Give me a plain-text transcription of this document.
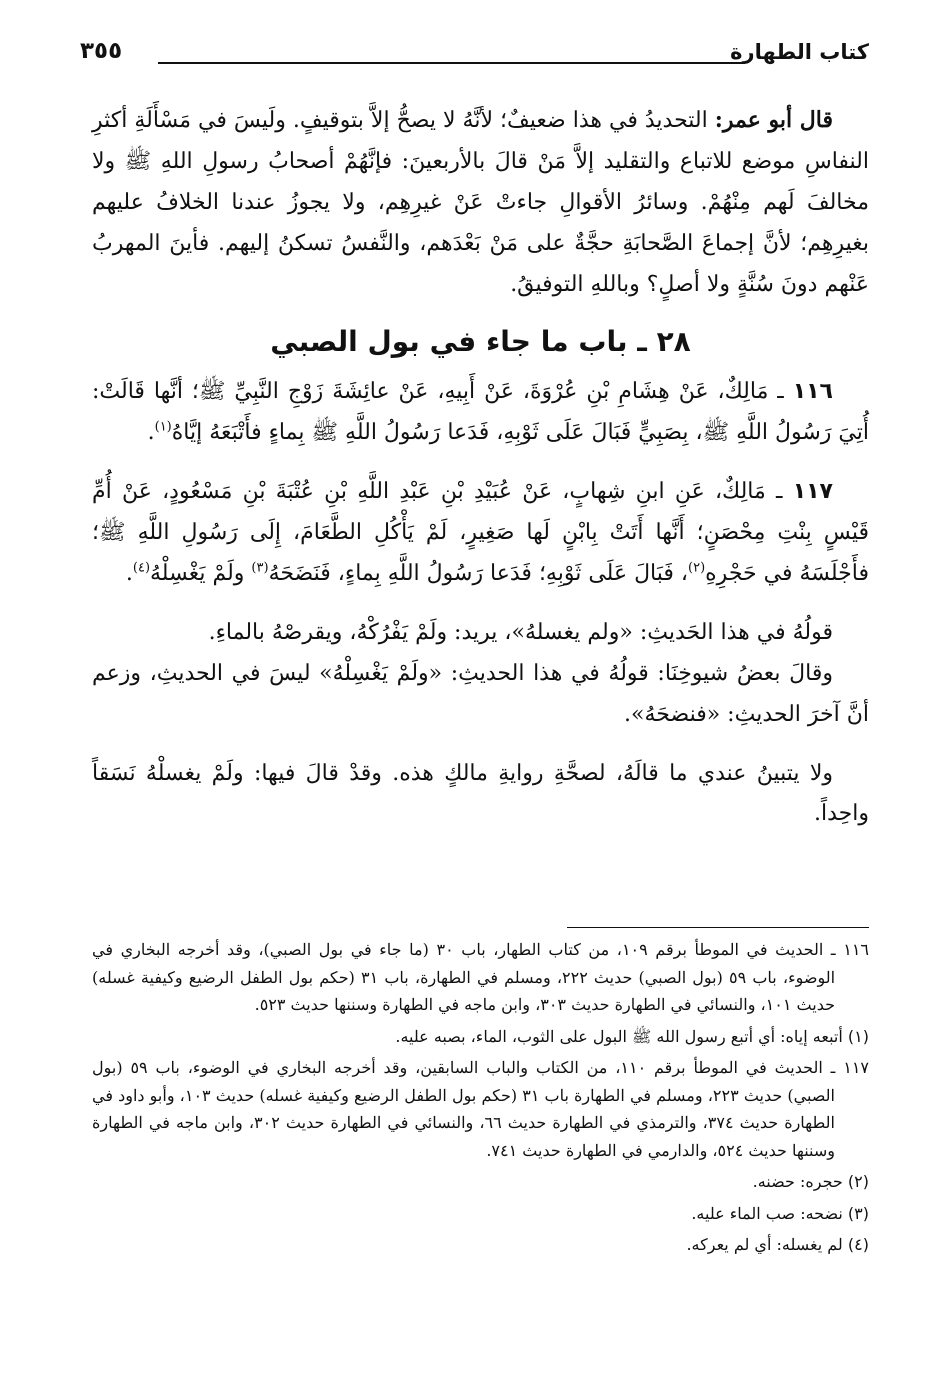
كتاب الطهارة
٣٥٥

قال أبو عمر: التحديدُ في هذا ضعيفٌ؛ لأنَّهُ لا يصحُّ إلاَّ بتوقيفٍ. ولَيسَ في مَسْأَلَةِ أكثرِ النفاسِ موضع للاتباع والتقليد إلاَّ مَنْ قالَ بالأربعينَ: فإنَّهُمْ أصحابُ رسولِ اللهِ ﷺ ولا مخالفَ لَهم مِنْهُمْ. وسائرُ الأقوالِ جاءتْ عَنْ غيرِهِم، ولا يجوزُ عندنا الخلافُ عليهم بغيرِهِم؛ لأنَّ إجماعَ الصَّحابَةِ حجَّةٌ على مَنْ بَعْدَهم، والنَّفسُ تسكنُ إليهم. فأينَ المهربُ عَنْهم دونَ سُنَّةٍ ولا أصلٍ؟ وباللهِ التوفيقُ.

٢٨ ـ باب ما جاء في بول الصبي

١١٦ ـ مَالِكٌ، عَنْ هِشَامِ بْنِ عُرْوَةَ، عَنْ أَبِيهِ، عَنْ عائِشَةَ زَوْجِ النَّبِيِّ ﷺ؛ أنَّها قَالَتْ: أُتِيَ رَسُولُ اللَّهِ ﷺ، بِصَبِيٍّ فَبَالَ عَلَى ثَوْبِهِ، فَدَعا رَسُولُ اللَّهِ ﷺ بِماءٍ فأَتْبَعَهُ إيَّاهُ$^{(١)}$.

١١٧ ـ مَالِكٌ، عَنِ ابنِ شِهابٍ، عَنْ عُبَيْدِ بْنِ عَبْدِ اللَّهِ بْنِ عُتْبَةَ بْنِ مَسْعُودٍ، عَنْ أُمِّ قَيْسٍ بِنْتِ مِحْصَنٍ؛ أَنَّها أَتَتْ بِابْنٍ لَها صَغِيرٍ، لَمْ يَأْكُلِ الطَّعَامَ، إِلَى رَسُولِ اللَّهِ ﷺ؛ فأَجْلَسَهُ في حَجْرِهِ$^{(٢)}$، فَبَالَ عَلَى ثَوْبِهِ؛ فَدَعا رَسُولُ اللَّهِ بِماءٍ، فَنَضَحَهُ$^{(٣)}$ ولَمْ يَغْسِلْهُ$^{(٤)}$.

قولُهُ في هذا الحَديثِ: «ولم يغسلهُ»، يريد: ولَمْ يَفْرُكْهُ، ويقرصْهُ بالماءِ.

وقالَ بعضُ شيوخِنَا: قولُهُ في هذا الحديثِ: «ولَمْ يَغْسِلْهُ» ليسَ في الحديثِ، وزعم أنَّ آخرَ الحديثِ: «فنضحَهُ».

ولا يتبينُ عندي ما قالَهُ، لصحَّةِ روايةِ مالكٍ هذه. وقدْ قالَ فيها: ولَمْ يغسلْهُ نَسَقاً واحِداً.

١١٦ ـ الحديث في الموطأ برقم ١٠٩، من كتاب الطهار، باب ٣٠ (ما جاء في بول الصبي)، وقد أخرجه البخاري في الوضوء، باب ٥٩ (بول الصبي) حديث ٢٢٢، ومسلم في الطهارة، باب ٣١ (حكم بول الطفل الرضيع وكيفية غسله) حديث ١٠١، والنسائي في الطهارة حديث ٣٠٣، وابن ماجه في الطهارة وسننها حديث ٥٢٣.

(١) أتبعه إياه: أي أتبع رسول الله ﷺ البول على الثوب، الماء، بصبه عليه.

١١٧ ـ الحديث في الموطأ برقم ١١٠، من الكتاب والباب السابقين، وقد أخرجه البخاري في الوضوء، باب ٥٩ (بول الصبي) حديث ٢٢٣، ومسلم في الطهارة باب ٣١ (حكم بول الطفل الرضيع وكيفية غسله) حديث ١٠٣، وأبو داود في الطهارة حديث ٣٧٤، والترمذي في الطهارة حديث ٦٦، والنسائي في الطهارة حديث ٣٠٢، وابن ماجه في الطهارة وسننها حديث ٥٢٤، والدارمي في الطهارة حديث ٧٤١.

(٢) حجره: حضنه.

(٣) نضحه: صب الماء عليه.

(٤) لم يغسله: أي لم يعركه.
